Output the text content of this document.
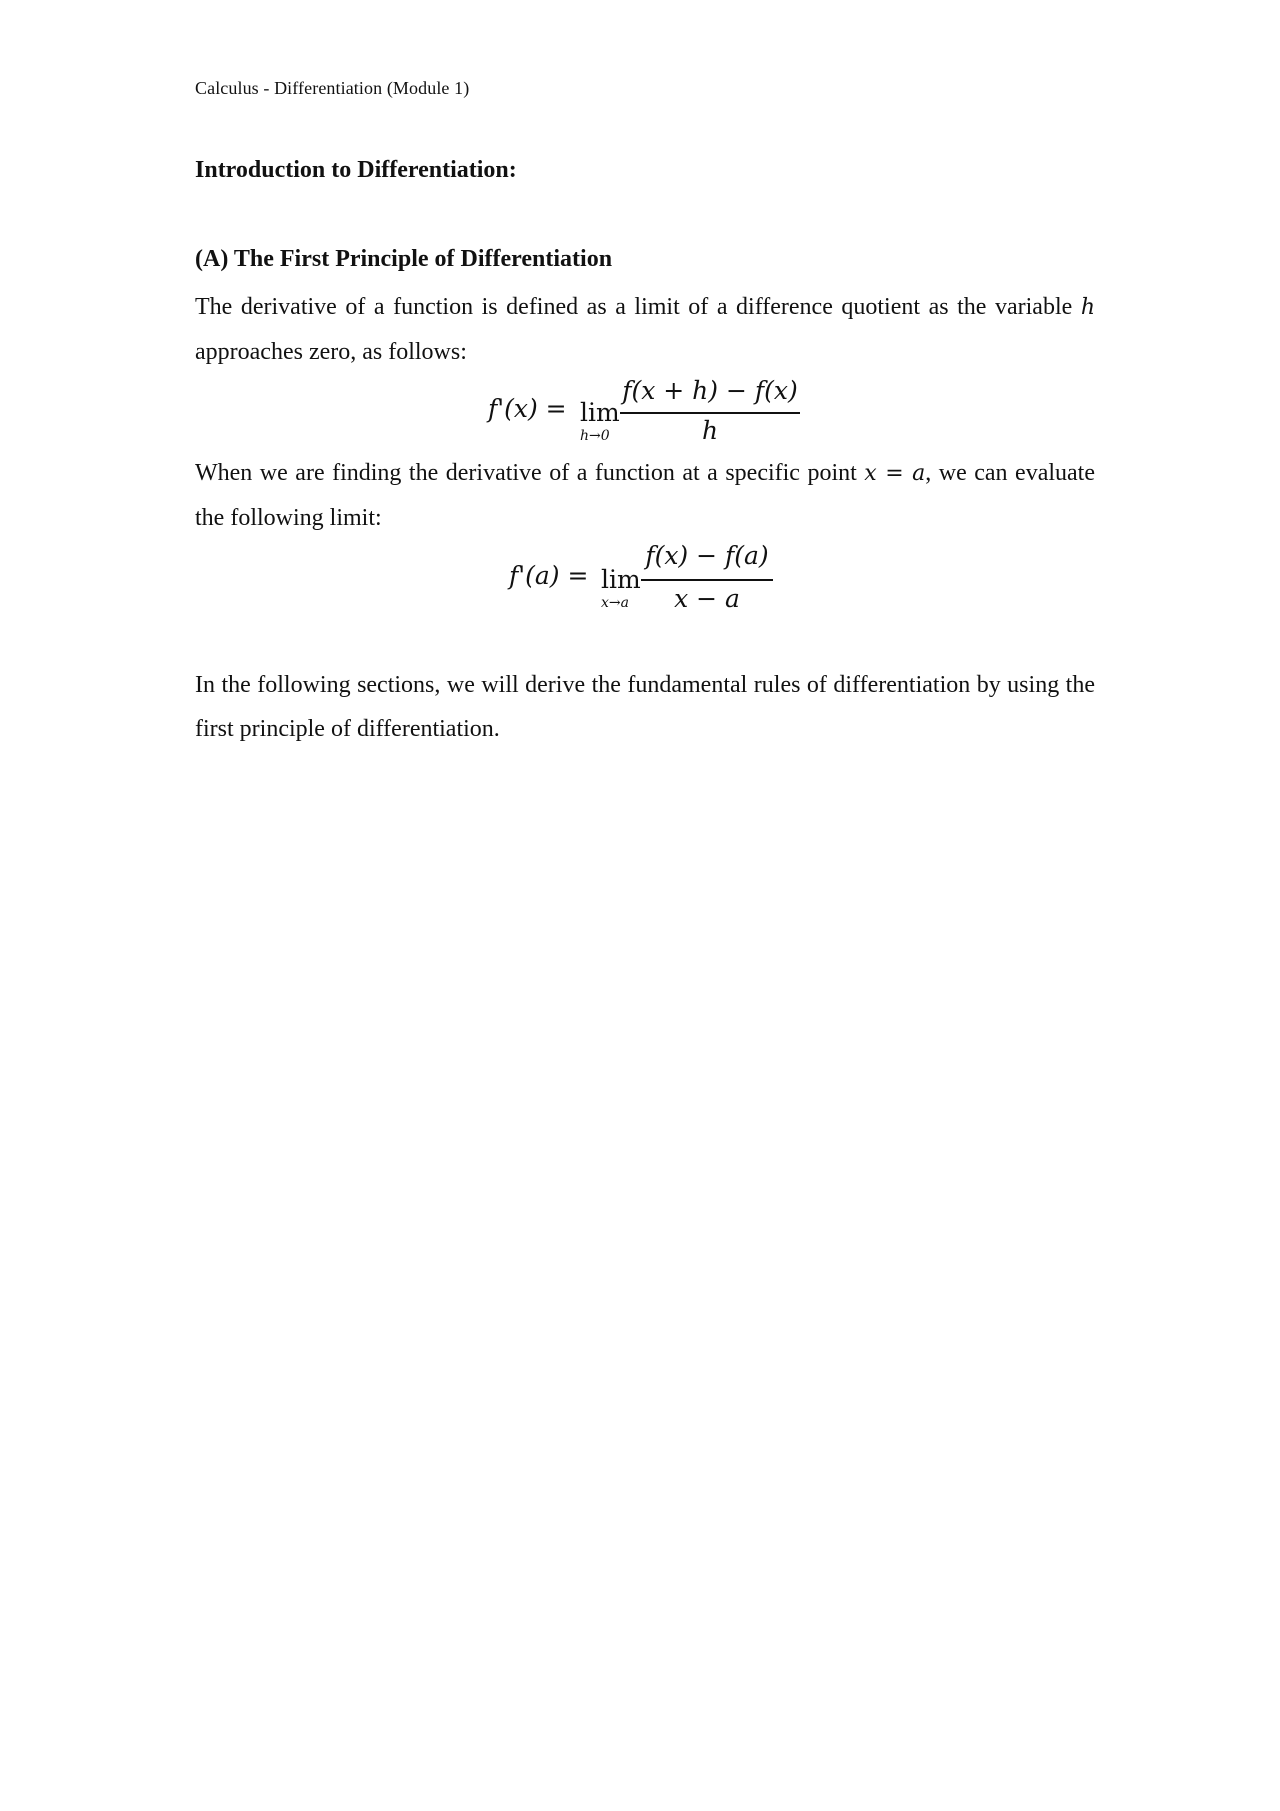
Calculus - Differentiation (Module 1)
Introduction to Differentiation:
(A) The First Principle of Differentiation

The derivative of a function is defined as a limit of a difference quotient as the variable h approaches zero, as follows:

f'(x) = lim
h→0
f(x + h) − f(x)
h

When we are finding the derivative of a function at a specific point x = a, we can evaluate the following limit:

f'(a) = lim
x→a
f(x) − f(a)
x − a

In the following sections, we will derive the fundamental rules of differentiation by using the first principle of differentiation.
